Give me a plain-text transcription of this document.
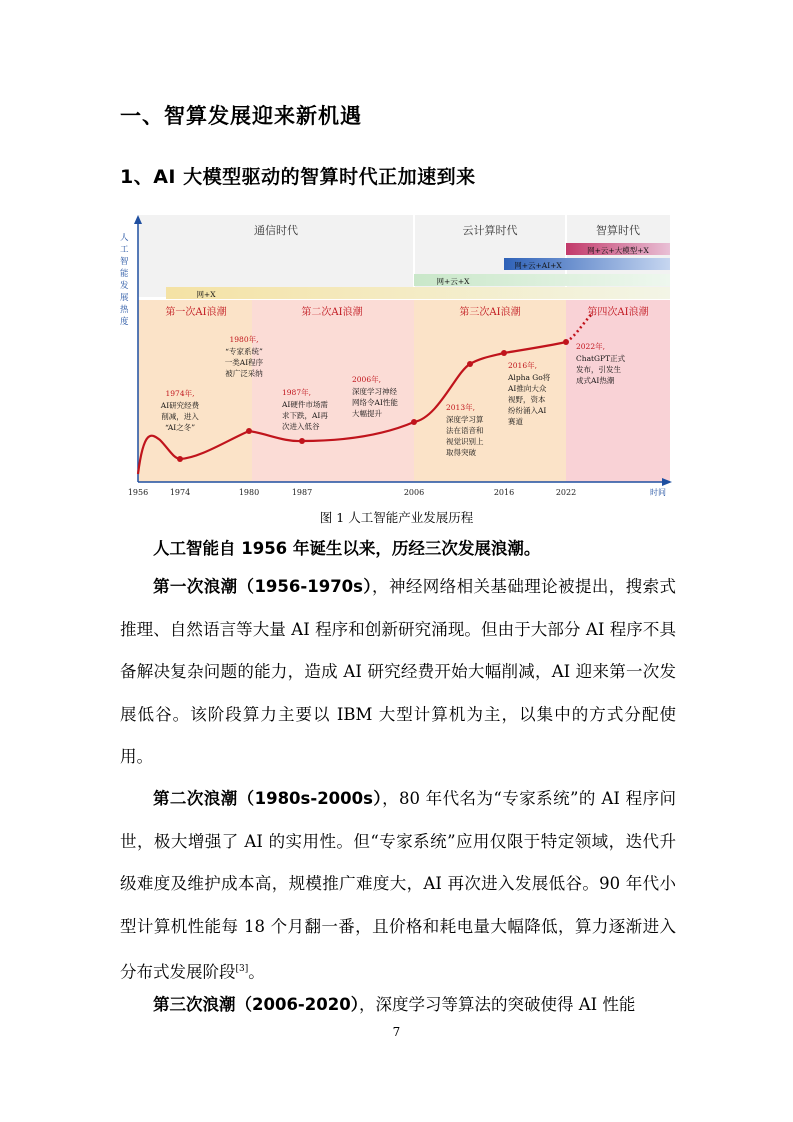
一、智算发展迎来新机遇
1、AI 大模型驱动的智算时代正加速到来
通信时代	云计算时代	智算时代
网+云+大模型+X
网+云+AI+X
网+云+X
网+X
第一次AI浪潮	第二次AI浪潮	第三次AI浪潮	第四次AI浪潮
人
工
智
能
发
展
热
度
1956	1974	1980	1987	2006	2016	2022	时间
1974年,
AI研究经费
削减，进入
“AI之冬”
1980年,
“专家系统”
一类AI程序
被广泛采纳
1987年,
AI硬件市场需
求下跌，AI再
次进入低谷
2006年,
深度学习神经
网络令AI性能
大幅提升
2013年,
深度学习算
法在语音和
视觉识别上
取得突破
2016年,
Alpha Go将
AI推向大众
视野，资本
纷纷涌入AI
赛道
2022年,
ChatGPT正式
发布，引发生
成式AI热潮
图 1 人工智能产业发展历程
人工智能自 1956 年诞生以来，历经三次发展浪潮。
第一次浪潮（1956-1970s），神经网络相关基础理论被提出，搜索式推理、自然语言等大量 AI 程序和创新研究涌现。但由于大部分 AI 程序不具备解决复杂问题的能力，造成 AI 研究经费开始大幅削减，AI 迎来第一次发展低谷。该阶段算力主要以 IBM 大型计算机为主，以集中的方式分配使用。
第二次浪潮（1980s-2000s），80 年代名为“专家系统”的 AI 程序问世，极大增强了 AI 的实用性。但“专家系统”应用仅限于特定领域，迭代升级难度及维护成本高，规模推广难度大，AI 再次进入发展低谷。90 年代小型计算机性能每 18 个月翻一番，且价格和耗电量大幅降低，算力逐渐进入分布式发展阶段[3]。
第三次浪潮（2006-2020），深度学习等算法的突破使得 AI 性能
7
